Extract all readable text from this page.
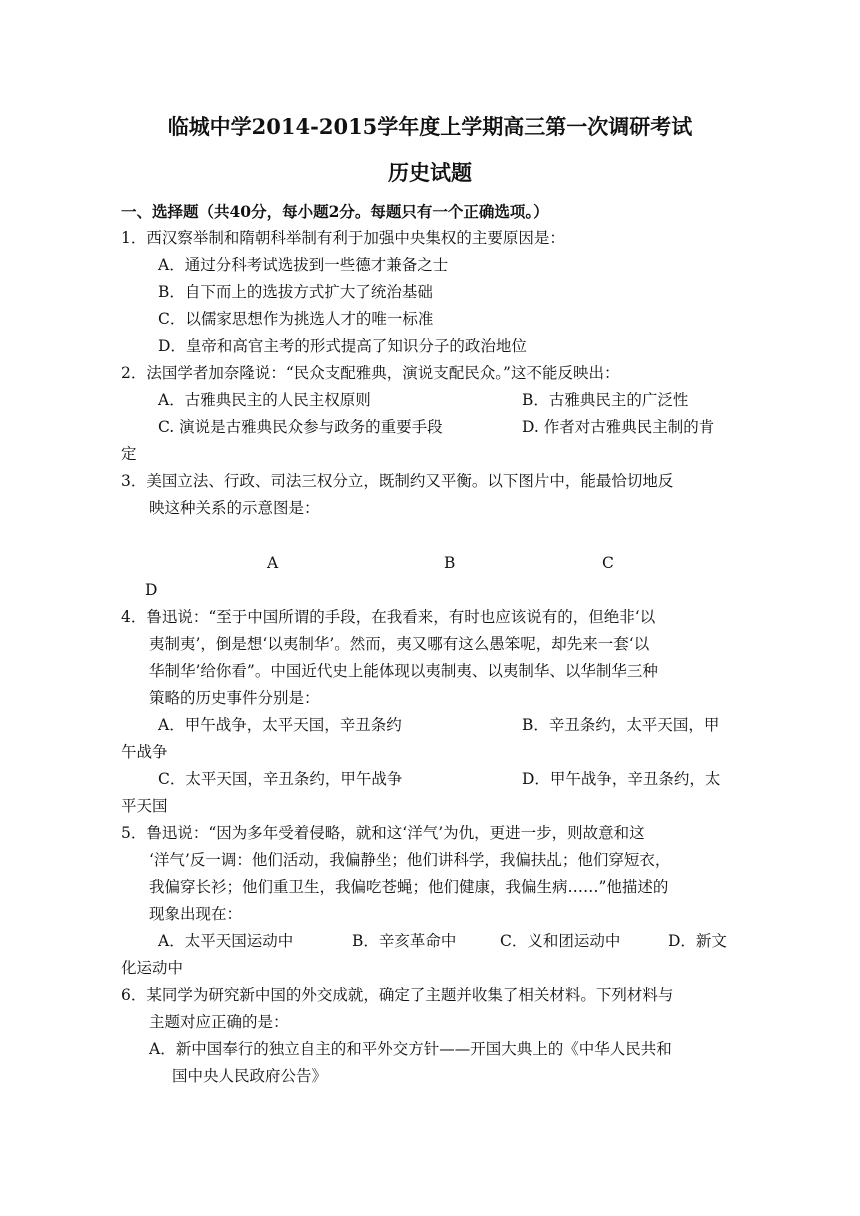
临城中学2014-2015学年度上学期高三第一次调研考试
历史试题
一、选择题（共40分，每小题2分。每题只有一个正确选项。）
1．西汉察举制和隋朝科举制有利于加强中央集权的主要原因是：
A．通过分科考试选拔到一些德才兼备之士
B．自下而上的选拔方式扩大了统治基础
C．以儒家思想作为挑选人才的唯一标准
D．皇帝和高官主考的形式提高了知识分子的政治地位
2．法国学者加奈隆说：“民众支配雅典，演说支配民众。”这不能反映出：
A．古雅典民主的人民主权原则	B．古雅典民主的广泛性
C. 演说是古雅典民众参与政务的重要手段	D. 作者对古雅典民主制的肯
定
3．美国立法、行政、司法三权分立，既制约又平衡。以下图片中，能最恰切地反
映这种关系的示意图是：
A	B	C
D
4．鲁迅说：“至于中国所谓的手段，在我看来，有时也应该说有的，但绝非‘以
夷制夷’，倒是想‘以夷制华’。然而，夷又哪有这么愚笨呢，却先来一套‘以
华制华’给你看”。中国近代史上能体现以夷制夷、以夷制华、以华制华三种
策略的历史事件分别是：
A．甲午战争，太平天国，辛丑条约	B．辛丑条约，太平天国，甲
午战争
C．太平天国，辛丑条约，甲午战争	D．甲午战争，辛丑条约，太
平天国
5．鲁迅说：“因为多年受着侵略，就和这‘洋气’为仇，更进一步，则故意和这
‘洋气’反一调：他们活动，我偏静坐；他们讲科学，我偏扶乩；他们穿短衣，
我偏穿长衫；他们重卫生，我偏吃苍蝇；他们健康，我偏生病……”他描述的
现象出现在：
A．太平天国运动中	B．辛亥革命中	C．义和团运动中	D．新文
化运动中
6．某同学为研究新中国的外交成就，确定了主题并收集了相关材料。下列材料与
主题对应正确的是：
A．新中国奉行的独立自主的和平外交方针——开国大典上的《中华人民共和
国中央人民政府公告》
